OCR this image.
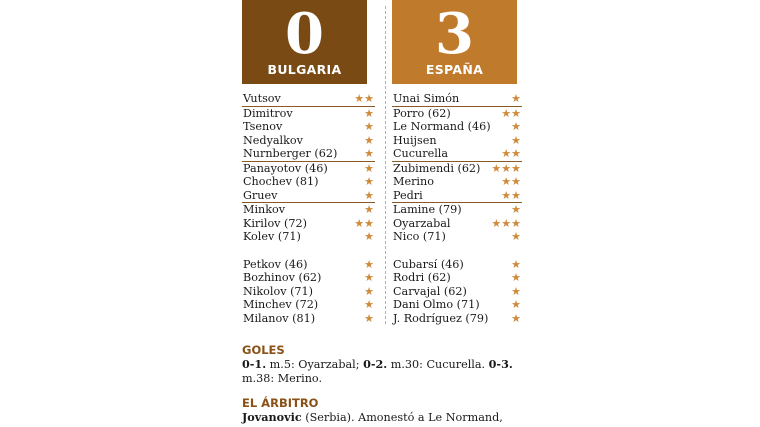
0
BULGARIA
3
ESPAÑA
Vutsov	★★
Dimitrov	★
Tsenov	★
Nedyalkov	★
Nurnberger (62) ★
Panayotov (46)	★
Chochev (81)	★
Gruev	★
Minkov	★
Kirilov (72)	★★
Kolev (71)	★
Petkov (46)	★
Bozhinov (62)	★
Nikolov (71)	★
Minchev (72)	★
Milanov (81)	★
Unai Simón	★
Porro (62)	★★
Le Normand (46) ★
Huijsen	★
Cucurella	★★
Zubimendi (62) ★★★
Merino	★★
Pedri	★★
Lamine (79)	★
Oyarzabal	★★★
Nico (71)	★
Cubarsí (46)	★
Rodri (62)	★
Carvajal (62)	★
Dani Olmo (71)	★
J. Rodríguez (79) ★
GOLES
0-1. m.5: Oyarzabal; 0-2. m.30: Cucurella. 0-3. m.38: Merino.
EL ÁRBITRO
Jovanovic (Serbia). Amonestó a Le Normand,
